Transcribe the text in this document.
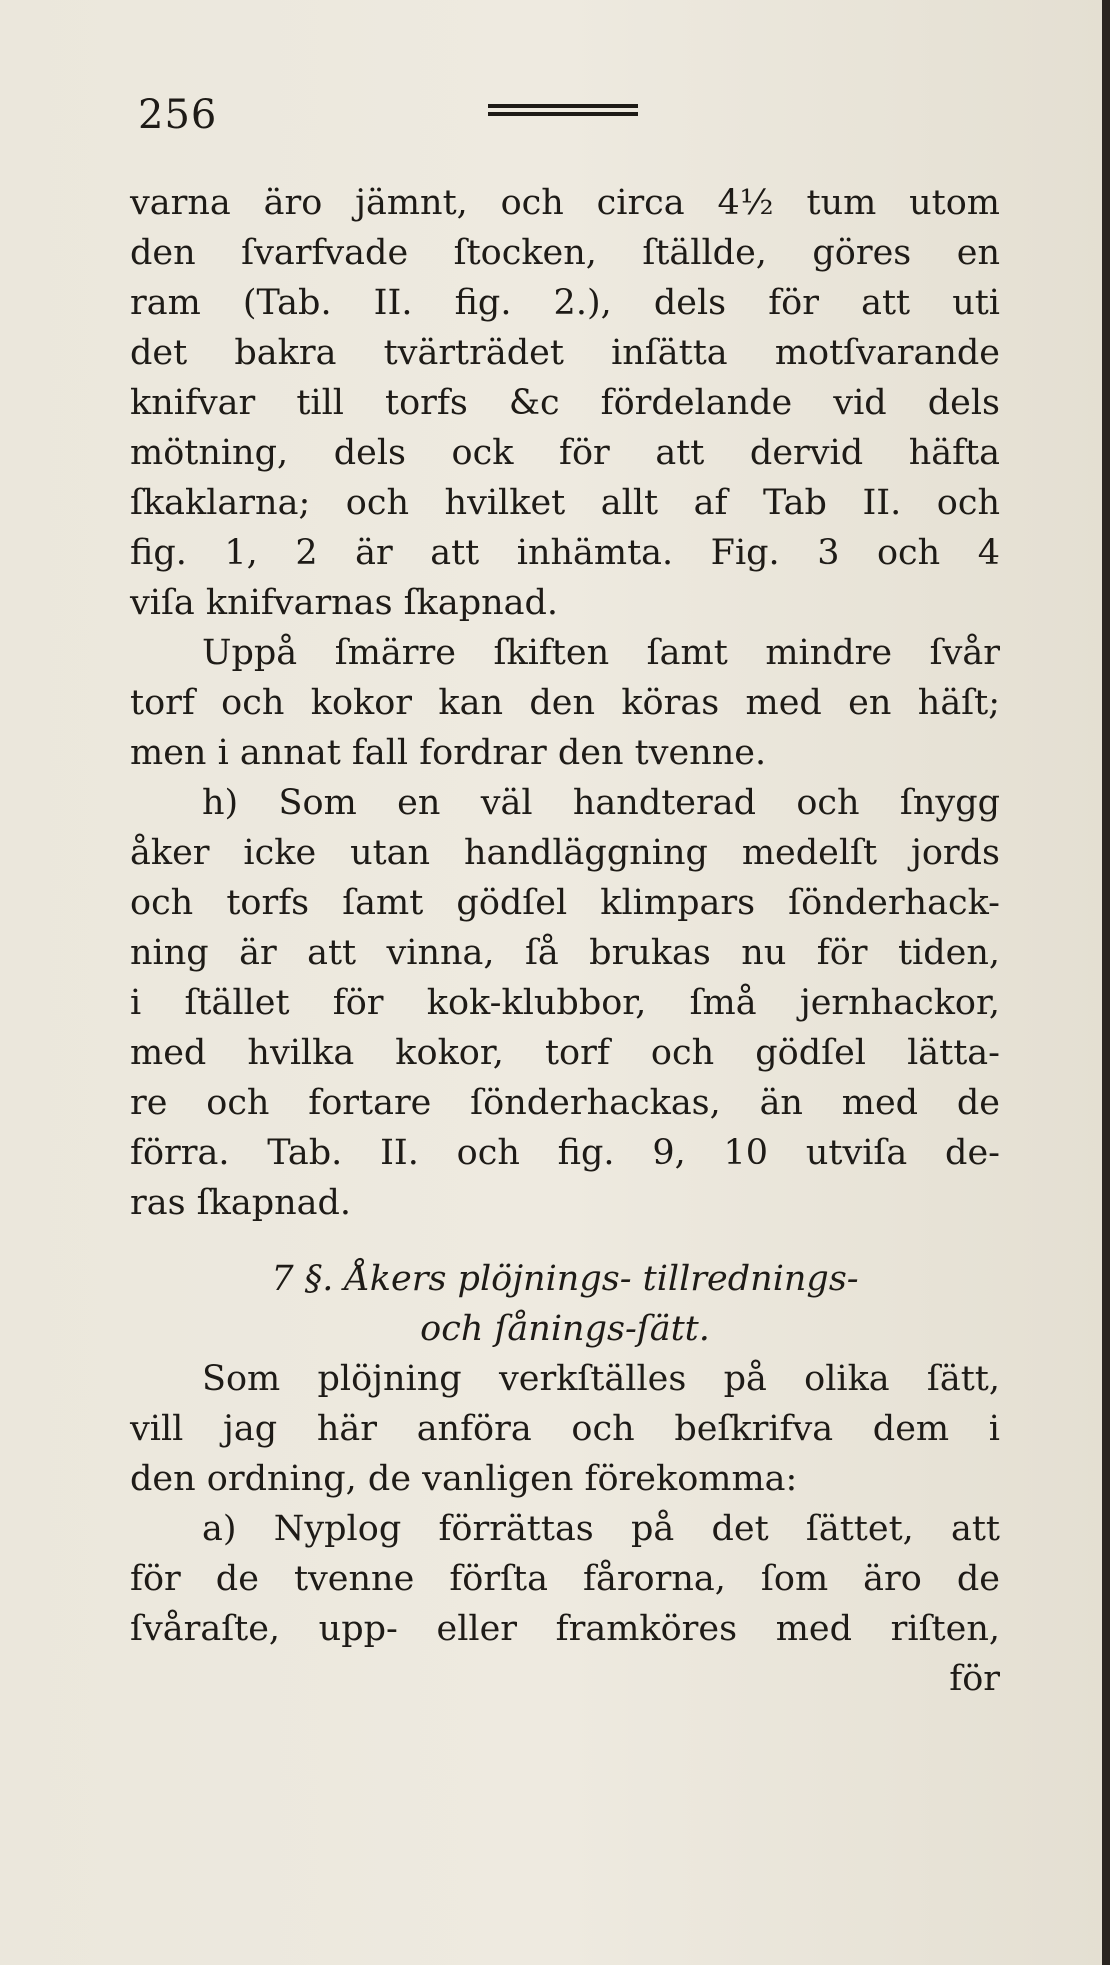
256
varna äro jämnt, och circa 4½ tum utom
den ſvarfvade ſtocken, ſtällde, göres en
ram (Tab. II. fig. 2.), dels för att uti
det bakra tvärträdet inſätta motſvarande
knifvar till torfs &c fördelande vid dels
mötning, dels ock för att dervid häfta
ſkaklarna; och hvilket allt af Tab II. och
fig. 1, 2 är att inhämta. Fig. 3 och 4
viſa knifvarnas ſkapnad.
Uppå ſmärre ſkiften ſamt mindre ſvår
torf och kokor kan den köras med en häſt;
men i annat fall fordrar den tvenne.
h) Som en väl handterad och ſnygg
åker icke utan handläggning medelſt jords
och torfs ſamt gödſel klimpars ſönderhack-
ning är att vinna, ſå brukas nu för tiden,
i ſtället för kok-klubbor, ſmå jernhackor,
med hvilka kokor, torf och gödſel lätta-
re och fortare ſönderhackas, än med de
förra. Tab. II. och fig. 9, 10 utviſa de-
ras ſkapnad.
7 §. Åkers plöjnings- tillrednings-
och ſånings-ſätt.
Som plöjning verkſtälles på olika ſätt,
vill jag här anföra och beſkrifva dem i
den ordning, de vanligen förekomma:
a) Nyplog förrättas på det ſättet, att
för de tvenne förſta fårorna, ſom äro de
ſvåraſte, upp- eller framköres med riſten,
för
